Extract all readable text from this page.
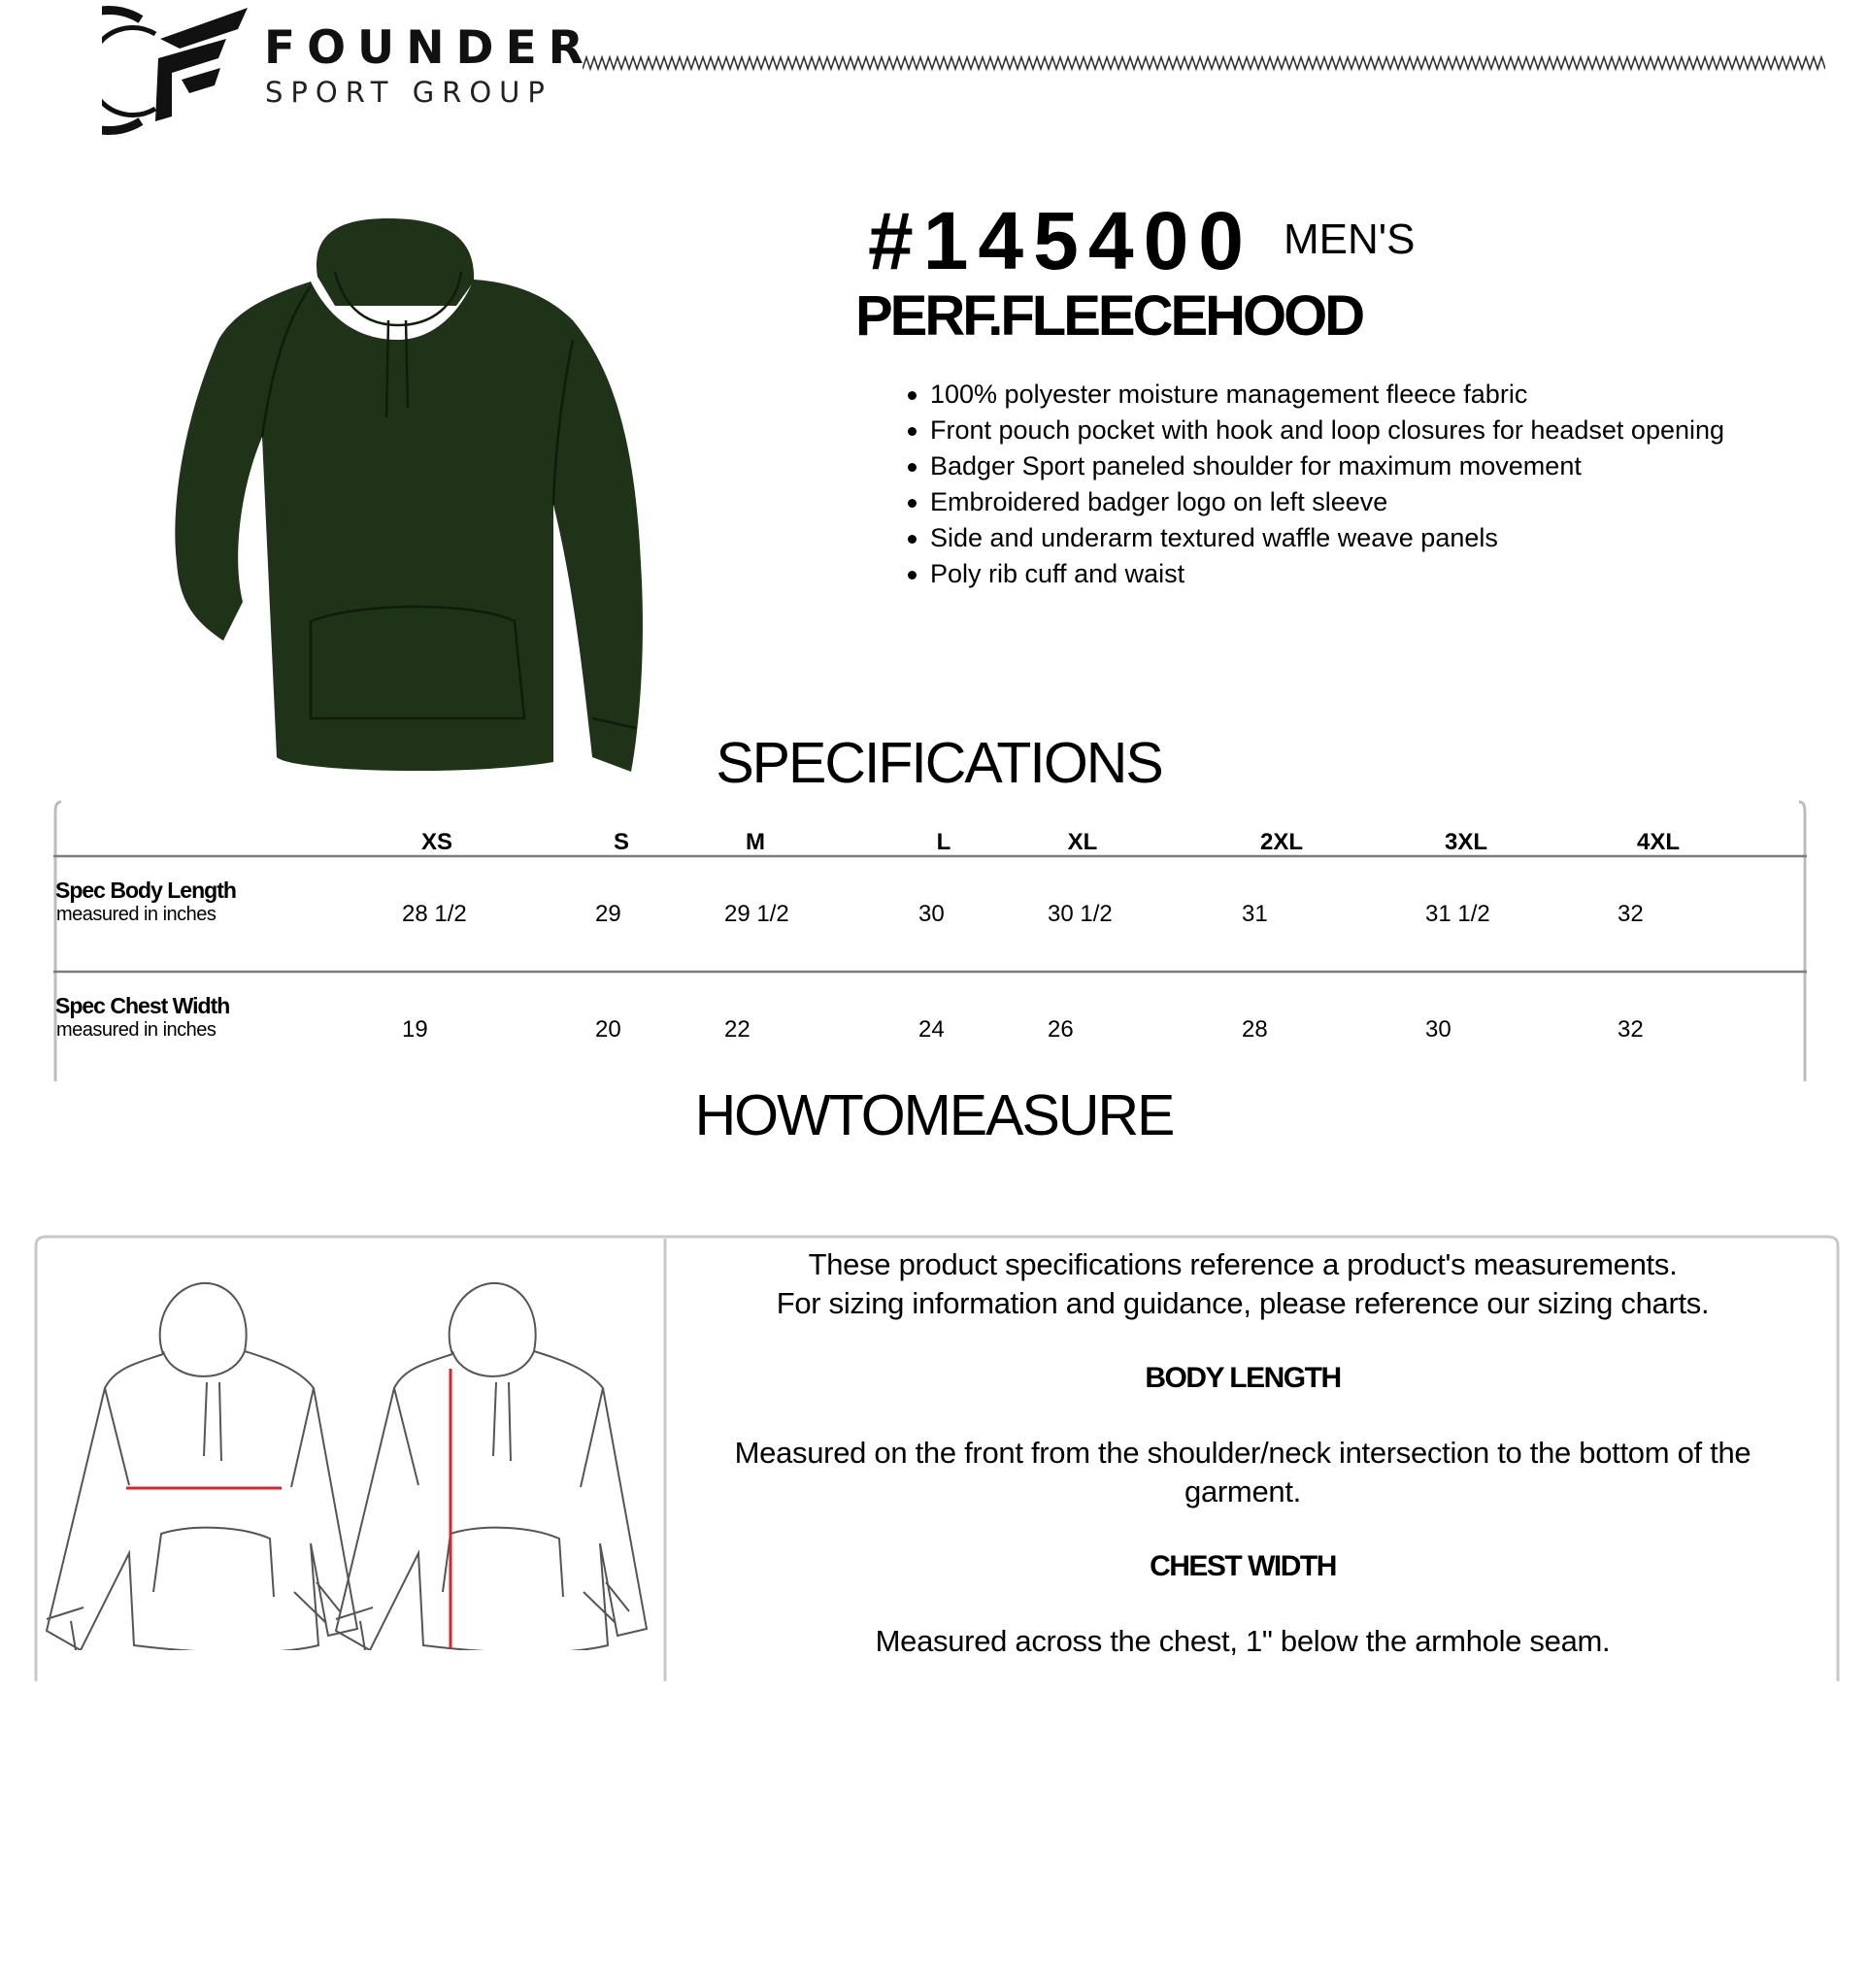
FOUNDER
SPORT GROUP
#145400 MEN'S
PERF.FLEECEHOOD
100% polyester moisture management fleece fabric
Front pouch pocket with hook and loop closures for headset opening
Badger Sport paneled shoulder for maximum movement
Embroidered badger logo on left sleeve
Side and underarm textured waffle weave panels
Poly rib cuff and waist
SPECIFICATIONS
XS	S	M	L	XL	2XL	3XL	4XL
Spec Body Length
measured in inches	28 1/2	29	29 1/2	30	30 1/2	31	31 1/2	32
Spec Chest Width
measured in inches	19	20	22	24	26	28	30	32
HOWTOMEASURE

These product specifications reference a product's measurements.

For sizing information and guidance, please reference our sizing charts.

BODY LENGTH

Measured on the front from the shoulder/neck intersection to the bottom of the garment.

CHEST WIDTH

Measured across the chest, 1" below the armhole seam.
